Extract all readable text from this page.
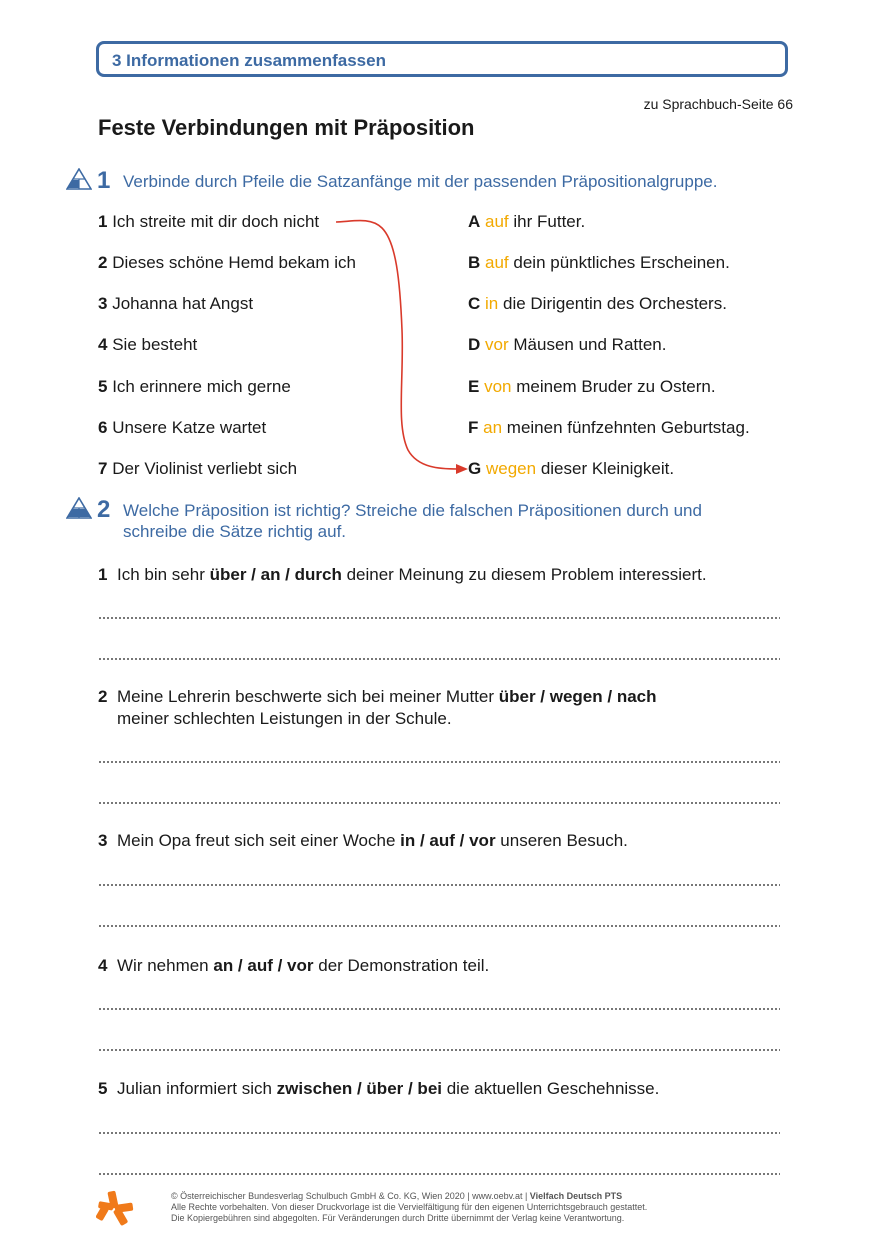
3 Informationen zusammenfassen
zu Sprachbuch-Seite 66
Feste Verbindungen mit Präposition
1 Verbinde durch Pfeile die Satzanfänge mit der passenden Präpositionalgruppe.
1 Ich streite mit dir doch nicht
2 Dieses schöne Hemd bekam ich
3 Johanna hat Angst
4 Sie besteht
5 Ich erinnere mich gerne
6 Unsere Katze wartet
7 Der Violinist verliebt sich
A auf ihr Futter.
B auf dein pünktliches Erscheinen.
C in die Dirigentin des Orchesters.
D vor Mäusen und Ratten.
E von meinem Bruder zu Ostern.
F an meinen fünfzehnten Geburtstag.
G wegen dieser Kleinigkeit.
2 Welche Präposition ist richtig? Streiche die falschen Präpositionen durch und schreibe die Sätze richtig auf.
1 Ich bin sehr über / an / durch deiner Meinung zu diesem Problem interessiert.
2 Meine Lehrerin beschwerte sich bei meiner Mutter über / wegen / nach meiner schlechten Leistungen in der Schule.
3 Mein Opa freut sich seit einer Woche in / auf / vor unseren Besuch.
4 Wir nehmen an / auf / vor der Demonstration teil.
5 Julian informiert sich zwischen / über / bei die aktuellen Geschehnisse.
© Österreichischer Bundesverlag Schulbuch GmbH & Co. KG, Wien 2020 | www.oebv.at | Vielfach Deutsch PTS
Alle Rechte vorbehalten. Von dieser Druckvorlage ist die Vervielfältigung für den eigenen Unterrichtsgebrauch gestattet.
Die Kopiergebühren sind abgegolten. Für Veränderungen durch Dritte übernimmt der Verlag keine Verantwortung.
